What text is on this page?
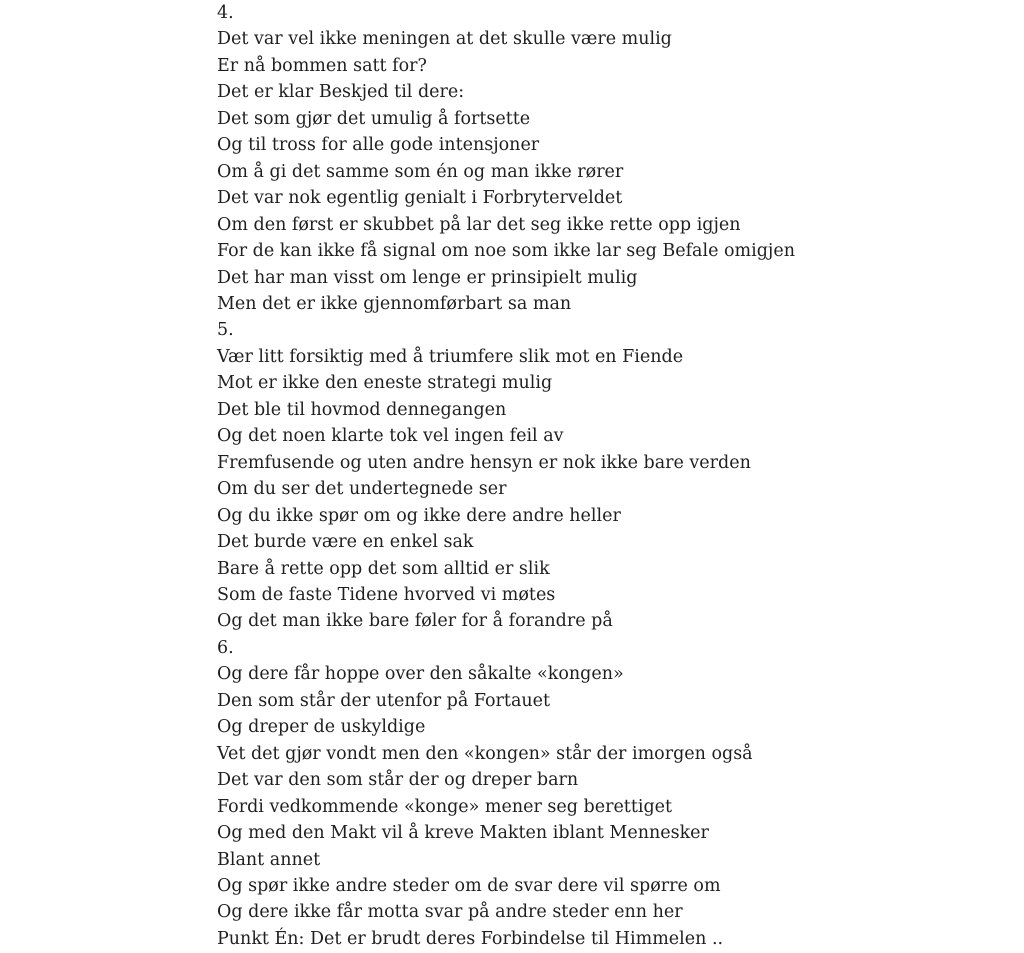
4.
Det var vel ikke meningen at det skulle være mulig
Er nå bommen satt for?
Det er klar Beskjed til dere:
Det som gjør det umulig å fortsette
Og til tross for alle gode intensjoner
Om å gi det samme som én og man ikke rører
Det var nok egentlig genialt i Forbryterveldet
Om den først er skubbet på lar det seg ikke rette opp igjen
For de kan ikke få signal om noe som ikke lar seg Befale omigjen
Det har man visst om lenge er prinsipielt mulig
Men det er ikke gjennomførbart sa man
5.
Vær litt forsiktig med å triumfere slik mot en Fiende
Mot er ikke den eneste strategi mulig
Det ble til hovmod dennegangen
Og det noen klarte tok vel ingen feil av
Fremfusende og uten andre hensyn er nok ikke bare verden
Om du ser det undertegnede ser
Og du ikke spør om og ikke dere andre heller
Det burde være en enkel sak
Bare å rette opp det som alltid er slik
Som de faste Tidene hvorved vi møtes
Og det man ikke bare føler for å forandre på
6.
Og dere får hoppe over den såkalte «kongen»
Den som står der utenfor på Fortauet
Og dreper de uskyldige
Vet det gjør vondt men den «kongen» står der imorgen også
Det var den som står der og dreper barn
Fordi vedkommende «konge» mener seg berettiget
Og med den Makt vil å kreve Makten iblant Mennesker
Blant annet
Og spør ikke andre steder om de svar dere vil spørre om
Og dere ikke får motta svar på andre steder enn her
Punkt Én: Det er brudt deres Forbindelse til Himmelen ..
